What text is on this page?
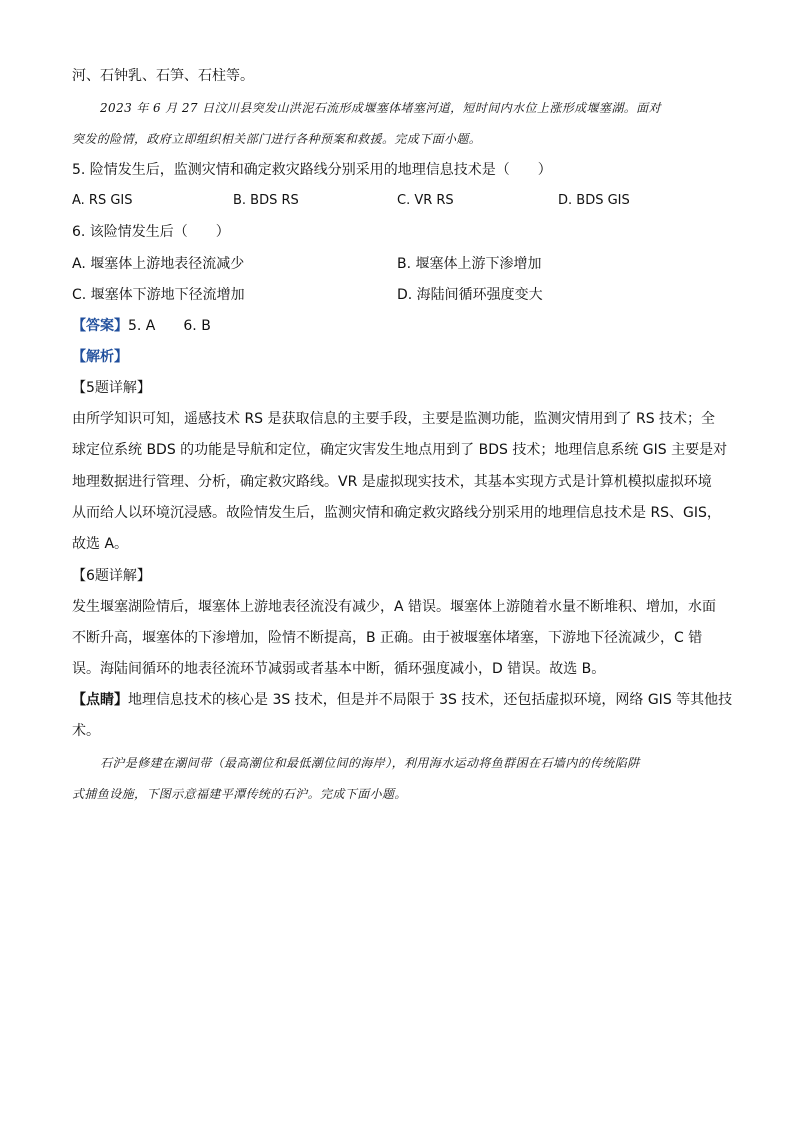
河、石钟乳、石笋、石柱等。
2023 年 6 月 27 日汶川县突发山洪泥石流形成堰塞体堵塞河道，短时间内水位上涨形成堰塞湖。面对
突发的险情，政府立即组织相关部门进行各种预案和救援。完成下面小题。
5. 险情发生后，监测灾情和确定救灾路线分别采用的地理信息技术是（　　）
A. RS GIS	B. BDS RS	C. VR RS	D. BDS GIS
6. 该险情发生后（　　）
A. 堰塞体上游地表径流减少	B. 堰塞体上游下渗增加
C. 堰塞体下游地下径流增加	D. 海陆间循环强度变大
【答案】5. A　　6. B
【解析】
【5题详解】
由所学知识可知，遥感技术 RS 是获取信息的主要手段，主要是监测功能，监测灾情用到了 RS 技术；全
球定位系统 BDS 的功能是导航和定位，确定灾害发生地点用到了 BDS 技术；地理信息系统 GIS 主要是对
地理数据进行管理、分析，确定救灾路线。VR 是虚拟现实技术，其基本实现方式是计算机模拟虚拟环境
从而给人以环境沉浸感。故险情发生后，监测灾情和确定救灾路线分别采用的地理信息技术是 RS、GIS，
故选 A。
【6题详解】
发生堰塞湖险情后，堰塞体上游地表径流没有减少，A 错误。堰塞体上游随着水量不断堆积、增加，水面
不断升高，堰塞体的下渗增加，险情不断提高，B 正确。由于被堰塞体堵塞，下游地下径流减少，C 错
误。海陆间循环的地表径流环节减弱或者基本中断，循环强度减小，D 错误。故选 B。
【点睛】地理信息技术的核心是 3S 技术，但是并不局限于 3S 技术，还包括虚拟环境，网络 GIS 等其他技
术。
石沪是修建在潮间带（最高潮位和最低潮位间的海岸），利用海水运动将鱼群困在石墙内的传统陷阱
式捕鱼设施，下图示意福建平潭传统的石沪。完成下面小题。
